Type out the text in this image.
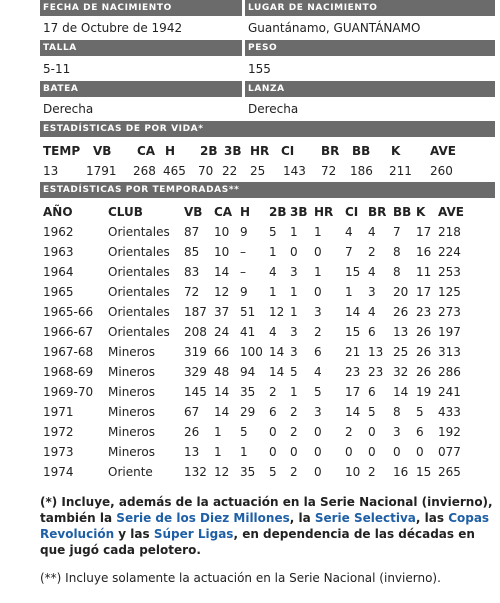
FECHA DE NACIMIENTO	LUGAR DE NACIMIENTO
17 de Octubre de 1942	Guantánamo, GUANTÁNAMO
TALLA	PESO
5-11	155
BATEA	LANZA
Derecha	Derecha
ESTADÍSTICAS DE POR VIDA*
TEMP VB CA H 2B 3B HR CI BR BB K AVE
13 1791 268 465 70 22 25 143 72 186 211 260
ESTADÍSTICAS POR TEMPORADAS**
AÑO	CLUB	VB CA H 2B 3B HR CI BR BB K AVE
1962	Orientales 87 10 9 5 1 1 4 4 7 17 218
1963	Orientales 85 10 – 1 0 0 7 2 8 16 224
1964	Orientales 83 14 – 4 3 1 15 4 8 11 253
1965	Orientales 72 12 9 1 1 0 1 3 20 17 125
1965-66 Orientales 187 37 51 12 1 3 14 4 26 23 273
1966-67 Orientales 208 24 41 4 3 2 15 6 13 26 197
1967-68 Mineros 319 66 100 14 3 6 21 13 25 26 313
1968-69 Mineros 329 48 94 14 5 4 23 23 32 26 286
1969-70 Mineros 145 14 35 2 1 5 17 6 14 19 241
1971	Mineros 67 14 29 6 2 3 14 5 8 5 433
1972	Mineros 26 1 5 0 2 0 2 0 3 6 192
1973	Mineros 13 1 1 0 0 0 0 0 0 0 077
1974	Oriente	132 12 35 5 2 0 10 2 16 15 265
(*) Incluye, además de la actuación en la Serie Nacional (invierno), también la Serie de los Diez Millones, la Serie Selectiva, las Copas Revolución y las Súper Ligas, en dependencia de las décadas en que jugó cada pelotero.
(**) Incluye solamente la actuación en la Serie Nacional (invierno).
